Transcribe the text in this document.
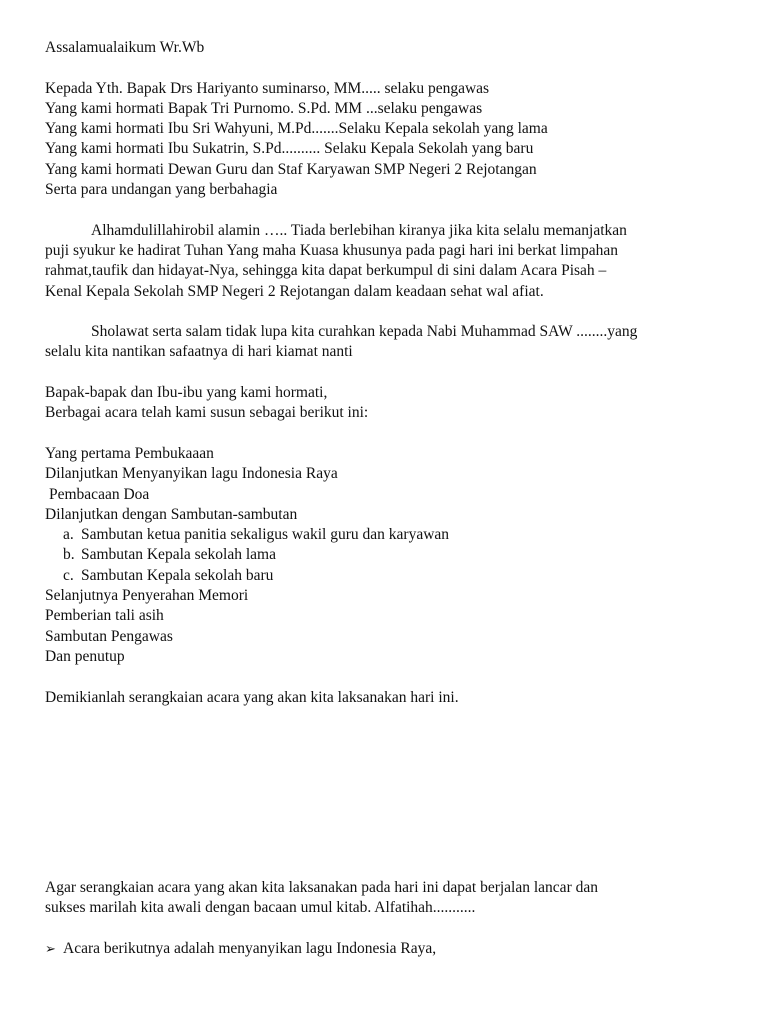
Assalamualaikum Wr.Wb
Kepada Yth. Bapak Drs Hariyanto suminarso, MM..... selaku pengawas
Yang kami hormati Bapak Tri Purnomo. S.Pd. MM ...selaku pengawas
Yang kami hormati Ibu Sri Wahyuni, M.Pd.......Selaku Kepala sekolah yang lama
Yang kami hormati Ibu Sukatrin, S.Pd.......... Selaku Kepala Sekolah yang baru
Yang kami hormati Dewan Guru dan Staf Karyawan SMP Negeri 2 Rejotangan
Serta para undangan yang berbahagia
Alhamdulillahirobil alamin ….. Tiada berlebihan kiranya jika kita selalu memanjatkan
puji syukur ke hadirat Tuhan Yang maha Kuasa khusunya pada pagi hari ini berkat limpahan
rahmat,taufik dan hidayat-Nya, sehingga kita dapat berkumpul di sini dalam Acara Pisah –
Kenal Kepala Sekolah SMP Negeri 2 Rejotangan dalam keadaan sehat wal afiat.
Sholawat serta salam tidak lupa kita curahkan kepada Nabi Muhammad SAW ........yang
selalu kita nantikan safaatnya di hari kiamat nanti
Bapak-bapak dan Ibu-ibu yang kami hormati,
Berbagai acara telah kami susun sebagai berikut ini:
Yang pertama Pembukaaan
Dilanjutkan Menyanyikan lagu Indonesia Raya
Pembacaan Doa
Dilanjutkan dengan Sambutan-sambutan
a. Sambutan ketua panitia sekaligus wakil guru dan karyawan
b. Sambutan Kepala sekolah lama
c. Sambutan Kepala sekolah baru
Selanjutnya Penyerahan Memori
Pemberian tali asih
Sambutan Pengawas
Dan penutup
Demikianlah serangkaian acara yang akan kita laksanakan hari ini.
Agar serangkaian acara yang akan kita laksanakan pada hari ini dapat berjalan lancar dan
sukses marilah kita awali dengan bacaan umul kitab. Alfatihah...........
➢ Acara berikutnya adalah menyanyikan lagu Indonesia Raya,
